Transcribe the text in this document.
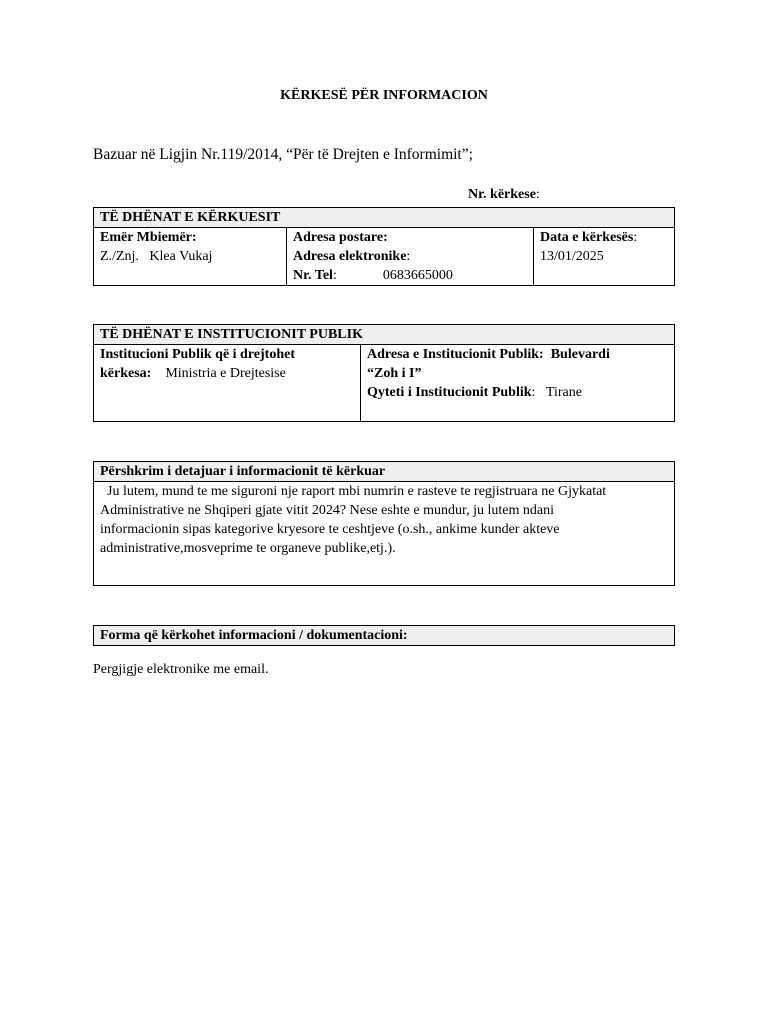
KËRKESË PËR INFORMACION
Bazuar në Ligjin Nr.119/2014, “Për të Drejten e Informimit”;
Nr. kërkese:
TË DHËNAT E KËRKUESIT

Emër Mbiemër:
Z./Znj. Klea Vukaj

Adresa postare:
Adresa elektronike:
Nr. Tel:	0683665000

Data e kërkesës:
13/01/2025
TË DHËNAT E INSTITUCIONIT PUBLIK

Institucioni Publik që i drejtohet
kërkesa: Ministria e Drejtesise

Adresa e Institucionit Publik: Bulevardi
“Zoh i I”
Qyteti i Institucionit Publik: Tirane
Përshkrim i detajuar i informacionit të kërkuar

Ju lutem, mund te me siguroni nje raport mbi numrin e rasteve te regjistruara ne Gjykatat
Administrative ne Shqiperi gjate vitit 2024? Nese eshte e mundur, ju lutem ndani
informacionin sipas kategorive kryesore te ceshtjeve (o.sh., ankime kunder akteve
administrative,mosveprime te organeve publike,etj.).
Forma që kërkohet informacioni / dokumentacioni:
Pergjigje elektronike me email.
